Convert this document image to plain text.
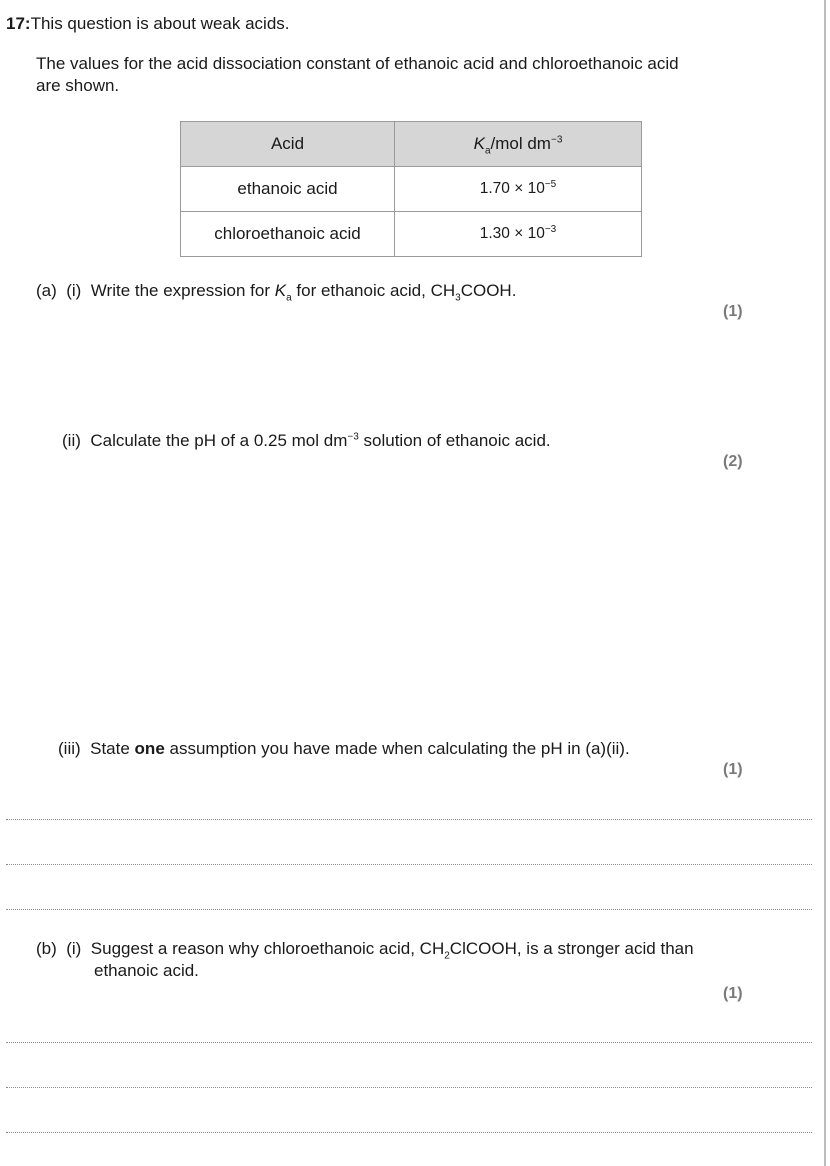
17:This question is about weak acids.
The values for the acid dissociation constant of ethanoic acid and chloroethanoic acid
are shown.
Acid	$K_a$/mol $dm^{-3}$
ethanoic acid	$1.70 \times 10^{-5}$
chloroethanoic acid	$1.30 \times 10^{-3}$
(a) (i) Write the expression for $K_a$ for ethanoic acid, $CH_3COOH$.
(1)
(ii) Calculate the pH of a 0.25 mol $dm^{-3}$ solution of ethanoic acid.
(2)
(iii) State one assumption you have made when calculating the pH in (a)(ii).
(1)
(b) (i) Suggest a reason why chloroethanoic acid, $CH_2ClCOOH$, is a stronger acid than
ethanoic acid.
(1)
